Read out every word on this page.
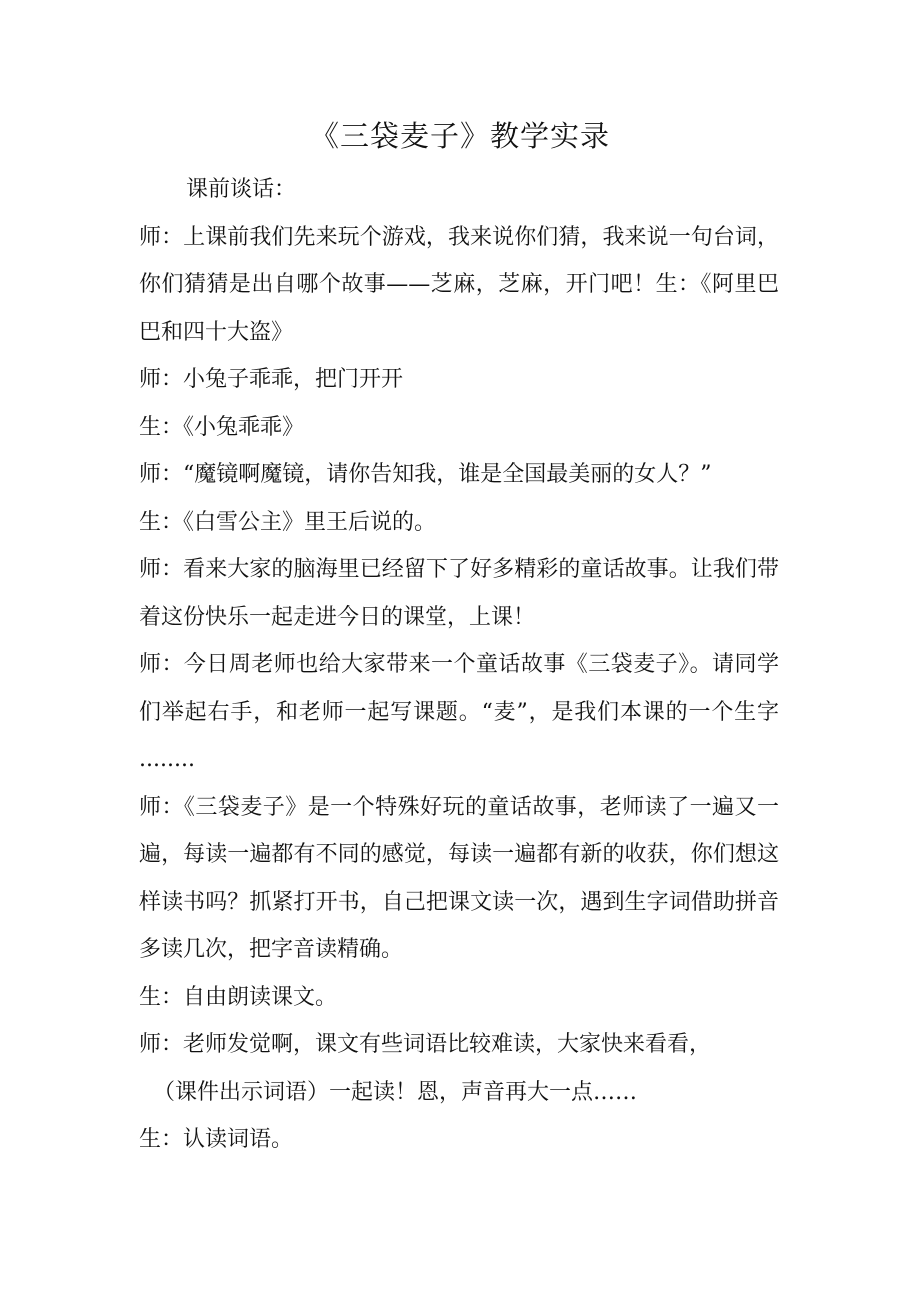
《三袋麦子》教学实录

课前谈话：

师：上课前我们先来玩个游戏，我来说你们猜，我来说一句台词，你们猜猜是出自哪个故事——芝麻，芝麻，开门吧！生：《阿里巴巴和四十大盗》

师：小兔子乖乖，把门开开

生：《小兔乖乖》

师：“魔镜啊魔镜，请你告知我，谁是全国最美丽的女人？”

生：《白雪公主》里王后说的。

师：看来大家的脑海里已经留下了好多精彩的童话故事。让我们带着这份快乐一起走进今日的课堂，上课！

师：今日周老师也给大家带来一个童话故事《三袋麦子》。请同学们举起右手，和老师一起写课题。“麦”，是我们本课的一个生字 ........

师：《三袋麦子》是一个特殊好玩的童话故事，老师读了一遍又一遍，每读一遍都有不同的感觉，每读一遍都有新的收获，你们想这样读书吗？抓紧打开书，自己把课文读一次，遇到生字词借助拼音多读几次，把字音读精确。

生：自由朗读课文。

师：老师发觉啊，课文有些词语比较难读，大家快来看看，

（课件出示词语）一起读！恩，声音再大一点……

生：认读词语。
